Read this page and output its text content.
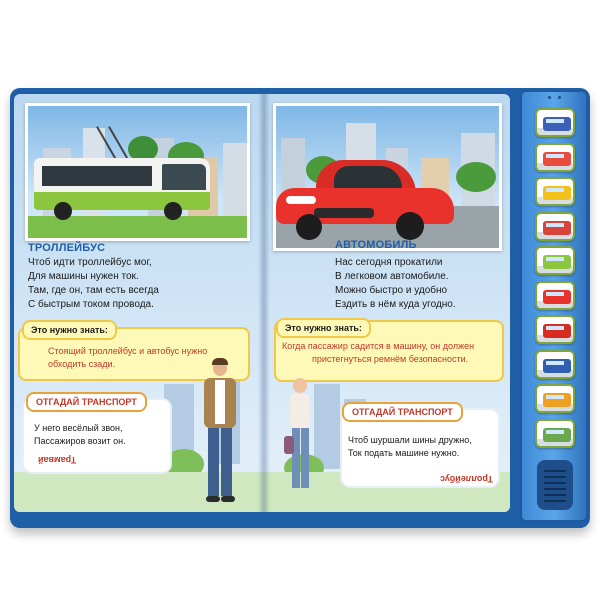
ТРОЛЛЕЙБУС
Чтоб идти троллейбус мог,
Для машины нужен ток.
Там, где он, там есть всегда
С быстрым током провода.
АВТОМОБИЛЬ
Нас сегодня прокатили
В легковом автомобиле.
Можно быстро и удобно
Ездить в нём куда угодно.
Это нужно знать:
Стоящий троллейбус и автобус нужно
обходить сзади.
Это нужно знать:
Когда пассажир садится в машину, он должен
пристегнуться ремнём безопасности.
ОТГАДАЙ ТРАНСПОРТ
У него весёлый звон,
Пассажиров возит он.
Трамвай
ОТГАДАЙ ТРАНСПОРТ
Чтоб шуршали шины дружно,
Ток подать машине нужно.
Троллейбус
